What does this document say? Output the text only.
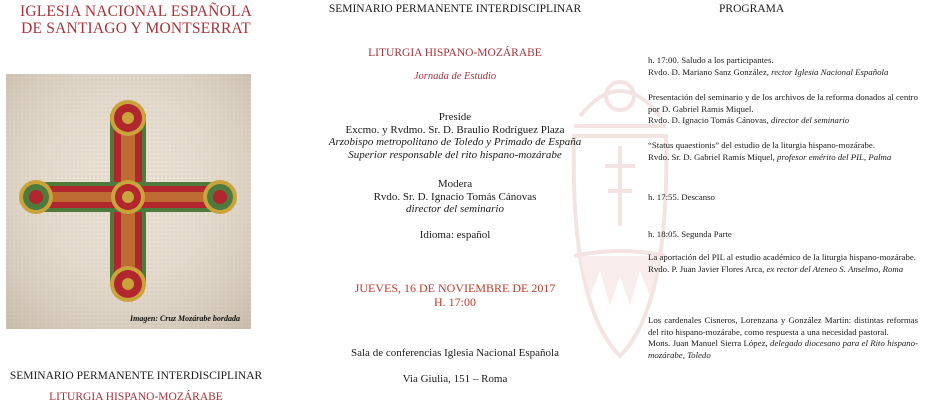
IGLESIA NACIONAL ESPAÑOLA
DE SANTIAGO Y MONTSERRAT
Imagen: Cruz Mozárabe bordada
SEMINARIO PERMANENTE INTERDISCIPLINAR
LITURGIA HISPANO-MOZÁRABE
SEMINARIO PERMANENTE INTERDISCIPLINAR
LITURGIA HISPANO-MOZÁRABE
Jornada de Estudio
Preside
Excmo. y Rvdmo. Sr. D. Braulio Rodríguez Plaza
Arzobispo metropolitano de Toledo y Primado de España
Superior responsable del rito hispano-mozárabe
Modera
Rvdo. Sr. D. Ignacio Tomás Cánovas
director del seminario
Idioma: español
JUEVES, 16 DE NOVIEMBRE DE 2017
H. 17:00
Sala de conferencias Iglesia Nacional Española
Via Giulia, 151 – Roma
PROGRAMA
h. 17:00. Saludo a los participantes.
Rvdo. D. Mariano Sanz González, rector Iglesia Nacional Española
Presentación del seminario y de los archivos de la reforma donados al centro por D. Gabriel Ramis Miquel.
Rvdo. D. Ignacio Tomás Cánovas, director del seminario
“Status quaestionis” del estudio de la liturgia hispano-mozárabe.
Rvdo. Sr. D. Gabriel Ramis Miquel, profesor emérito del PIL, Palma
h. 17:55. Descanso
h. 18:05. Segunda Parte
La aportación del PIL al estudio académico de la liturgia hispano-mozárabe.
Rvdo. P. Juan Javier Flores Arca, ex rector del Ateneo S. Anselmo, Roma
Los cardenales Cisneros, Lorenzana y González Martín: distintas reformas del rito hispano-mozárabe, como respuesta a una necesidad pastoral.
Mons. Juan Manuel Sierra López, delegado diocesano para el Rito hispano-mozárabe, Toledo
